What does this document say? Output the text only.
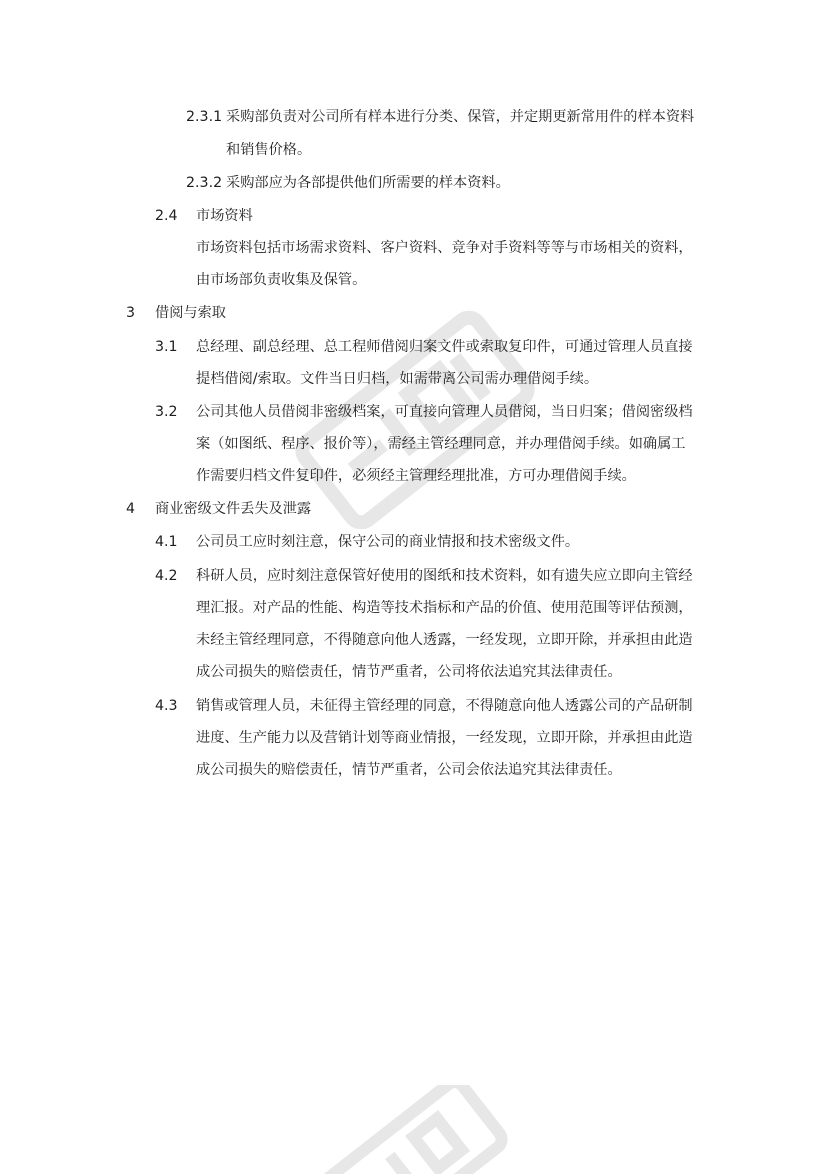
2.3.1 采购部负责对公司所有样本进行分类、保管，并定期更新常用件的样本资料
和销售价格。
2.3.2 采购部应为各部提供他们所需要的样本资料。
2.4 市场资料
市场资料包括市场需求资料、客户资料、竞争对手资料等等与市场相关的资料，
由市场部负责收集及保管。
3 借阅与索取
3.1 总经理、副总经理、总工程师借阅归案文件或索取复印件，可通过管理人员直接
提档借阅/索取。文件当日归档，如需带离公司需办理借阅手续。
3.2 公司其他人员借阅非密级档案，可直接向管理人员借阅，当日归案；借阅密级档
案（如图纸、程序、报价等），需经主管经理同意，并办理借阅手续。如确属工
作需要归档文件复印件，必须经主管理经理批准，方可办理借阅手续。
4 商业密级文件丢失及泄露
4.1 公司员工应时刻注意，保守公司的商业情报和技术密级文件。
4.2 科研人员，应时刻注意保管好使用的图纸和技术资料，如有遗失应立即向主管经
理汇报。对产品的性能、构造等技术指标和产品的价值、使用范围等评估预测，
未经主管经理同意，不得随意向他人透露，一经发现，立即开除，并承担由此造
成公司损失的赔偿责任，情节严重者，公司将依法追究其法律责任。
4.3 销售或管理人员，未征得主管经理的同意，不得随意向他人透露公司的产品研制
进度、生产能力以及营销计划等商业情报，一经发现，立即开除，并承担由此造
成公司损失的赔偿责任，情节严重者，公司会依法追究其法律责任。
